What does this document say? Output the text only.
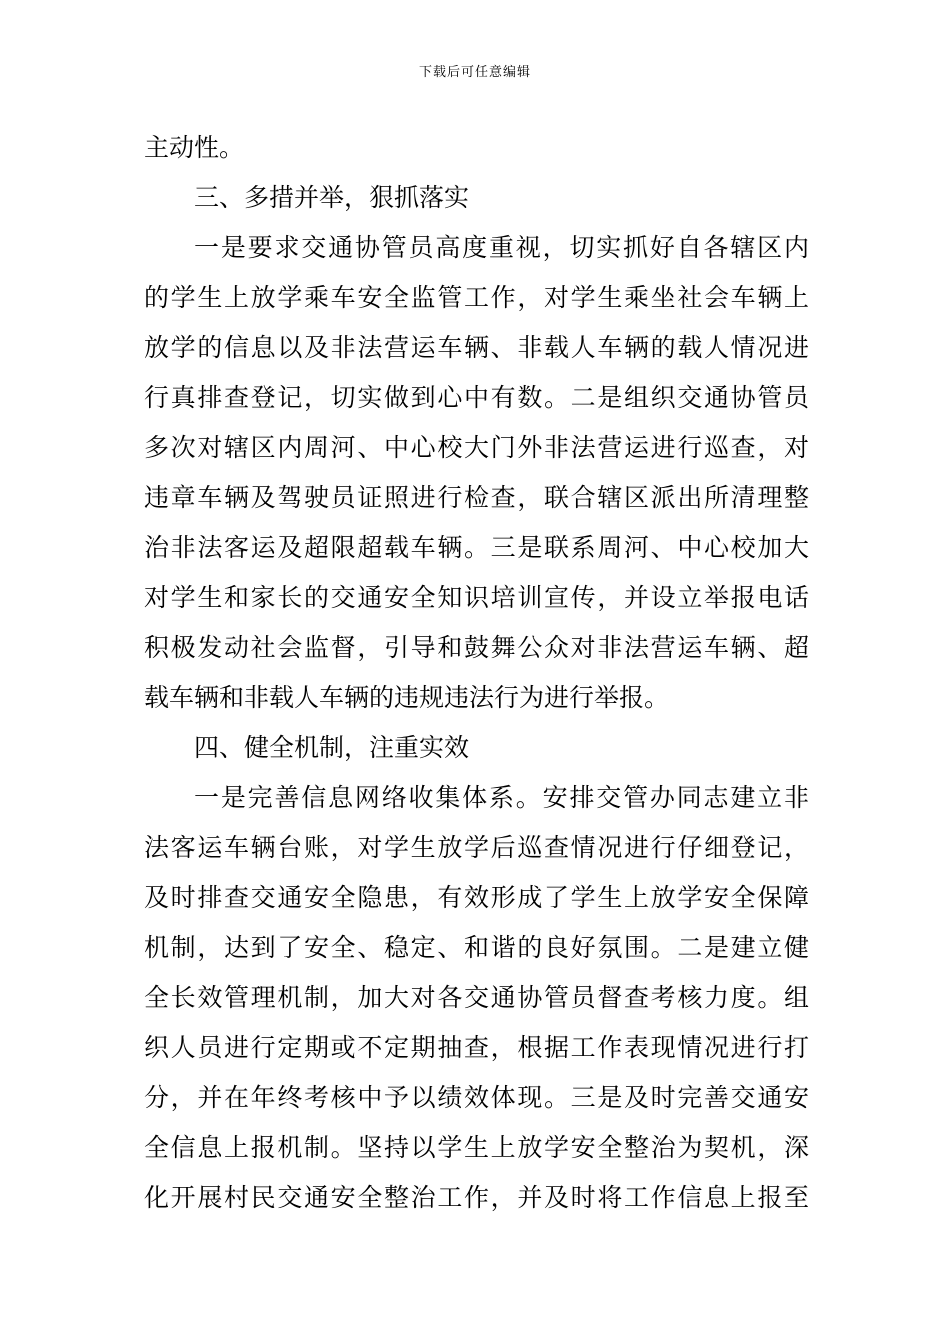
下载后可任意编辑
主动性。
三、多措并举，狠抓落实
一是要求交通协管员高度重视，切实抓好自各辖区内
的学生上放学乘车安全监管工作，对学生乘坐社会车辆上
放学的信息以及非法营运车辆、非载人车辆的载人情况进
行真排查登记，切实做到心中有数。二是组织交通协管员
多次对辖区内周河、中心校大门外非法营运进行巡查，对
违章车辆及驾驶员证照进行检查，联合辖区派出所清理整
治非法客运及超限超载车辆。三是联系周河、中心校加大
对学生和家长的交通安全知识培训宣传，并设立举报电话
积极发动社会监督，引导和鼓舞公众对非法营运车辆、超
载车辆和非载人车辆的违规违法行为进行举报。
四、健全机制，注重实效
一是完善信息网络收集体系。安排交管办同志建立非
法客运车辆台账，对学生放学后巡查情况进行仔细登记，
及时排查交通安全隐患，有效形成了学生上放学安全保障
机制，达到了安全、稳定、和谐的良好氛围。二是建立健
全长效管理机制，加大对各交通协管员督查考核力度。组
织人员进行定期或不定期抽查，根据工作表现情况进行打
分，并在年终考核中予以绩效体现。三是及时完善交通安
全信息上报机制。坚持以学生上放学安全整治为契机，深
化开展村民交通安全整治工作，并及时将工作信息上报至
